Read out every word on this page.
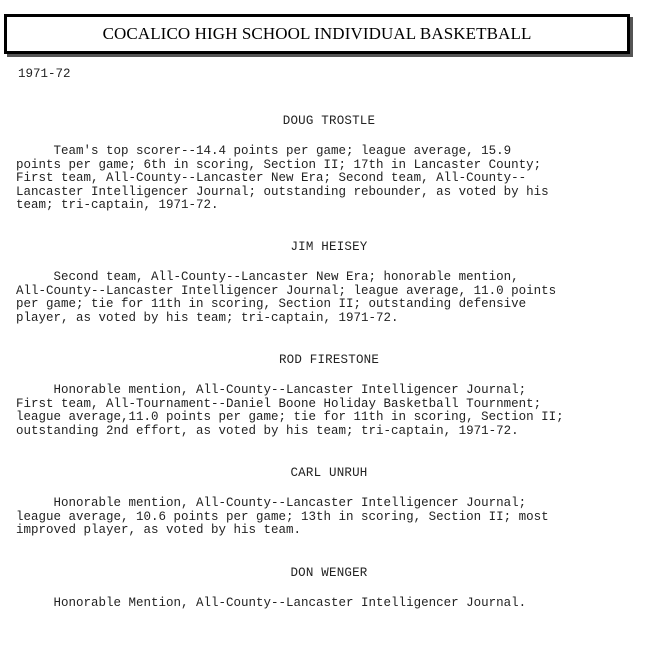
COCALICO HIGH SCHOOL INDIVIDUAL BASKETBALL
1971-72

DOUG TROSTLE

Team's top scorer--14.4 points per game; league average, 15.9
points per game; 6th in scoring, Section II; 17th in Lancaster County;
First team, All-County--Lancaster New Era; Second team, All-County--
Lancaster Intelligencer Journal; outstanding rebounder, as voted by his
team; tri-captain, 1971-72.

JIM HEISEY

Second team, All-County--Lancaster New Era; honorable mention,
All-County--Lancaster Intelligencer Journal; league average, 11.0 points
per game; tie for 11th in scoring, Section II; outstanding defensive
player, as voted by his team; tri-captain, 1971-72.

ROD FIRESTONE

Honorable mention, All-County--Lancaster Intelligencer Journal;
First team, All-Tournament--Daniel Boone Holiday Basketball Tournment;
league average,11.0 points per game; tie for 11th in scoring, Section II;
outstanding 2nd effort, as voted by his team; tri-captain, 1971-72.

CARL UNRUH

Honorable mention, All-County--Lancaster Intelligencer Journal;
league average, 10.6 points per game; 13th in scoring, Section II; most
improved player, as voted by his team.

DON WENGER

Honorable Mention, All-County--Lancaster Intelligencer Journal.
